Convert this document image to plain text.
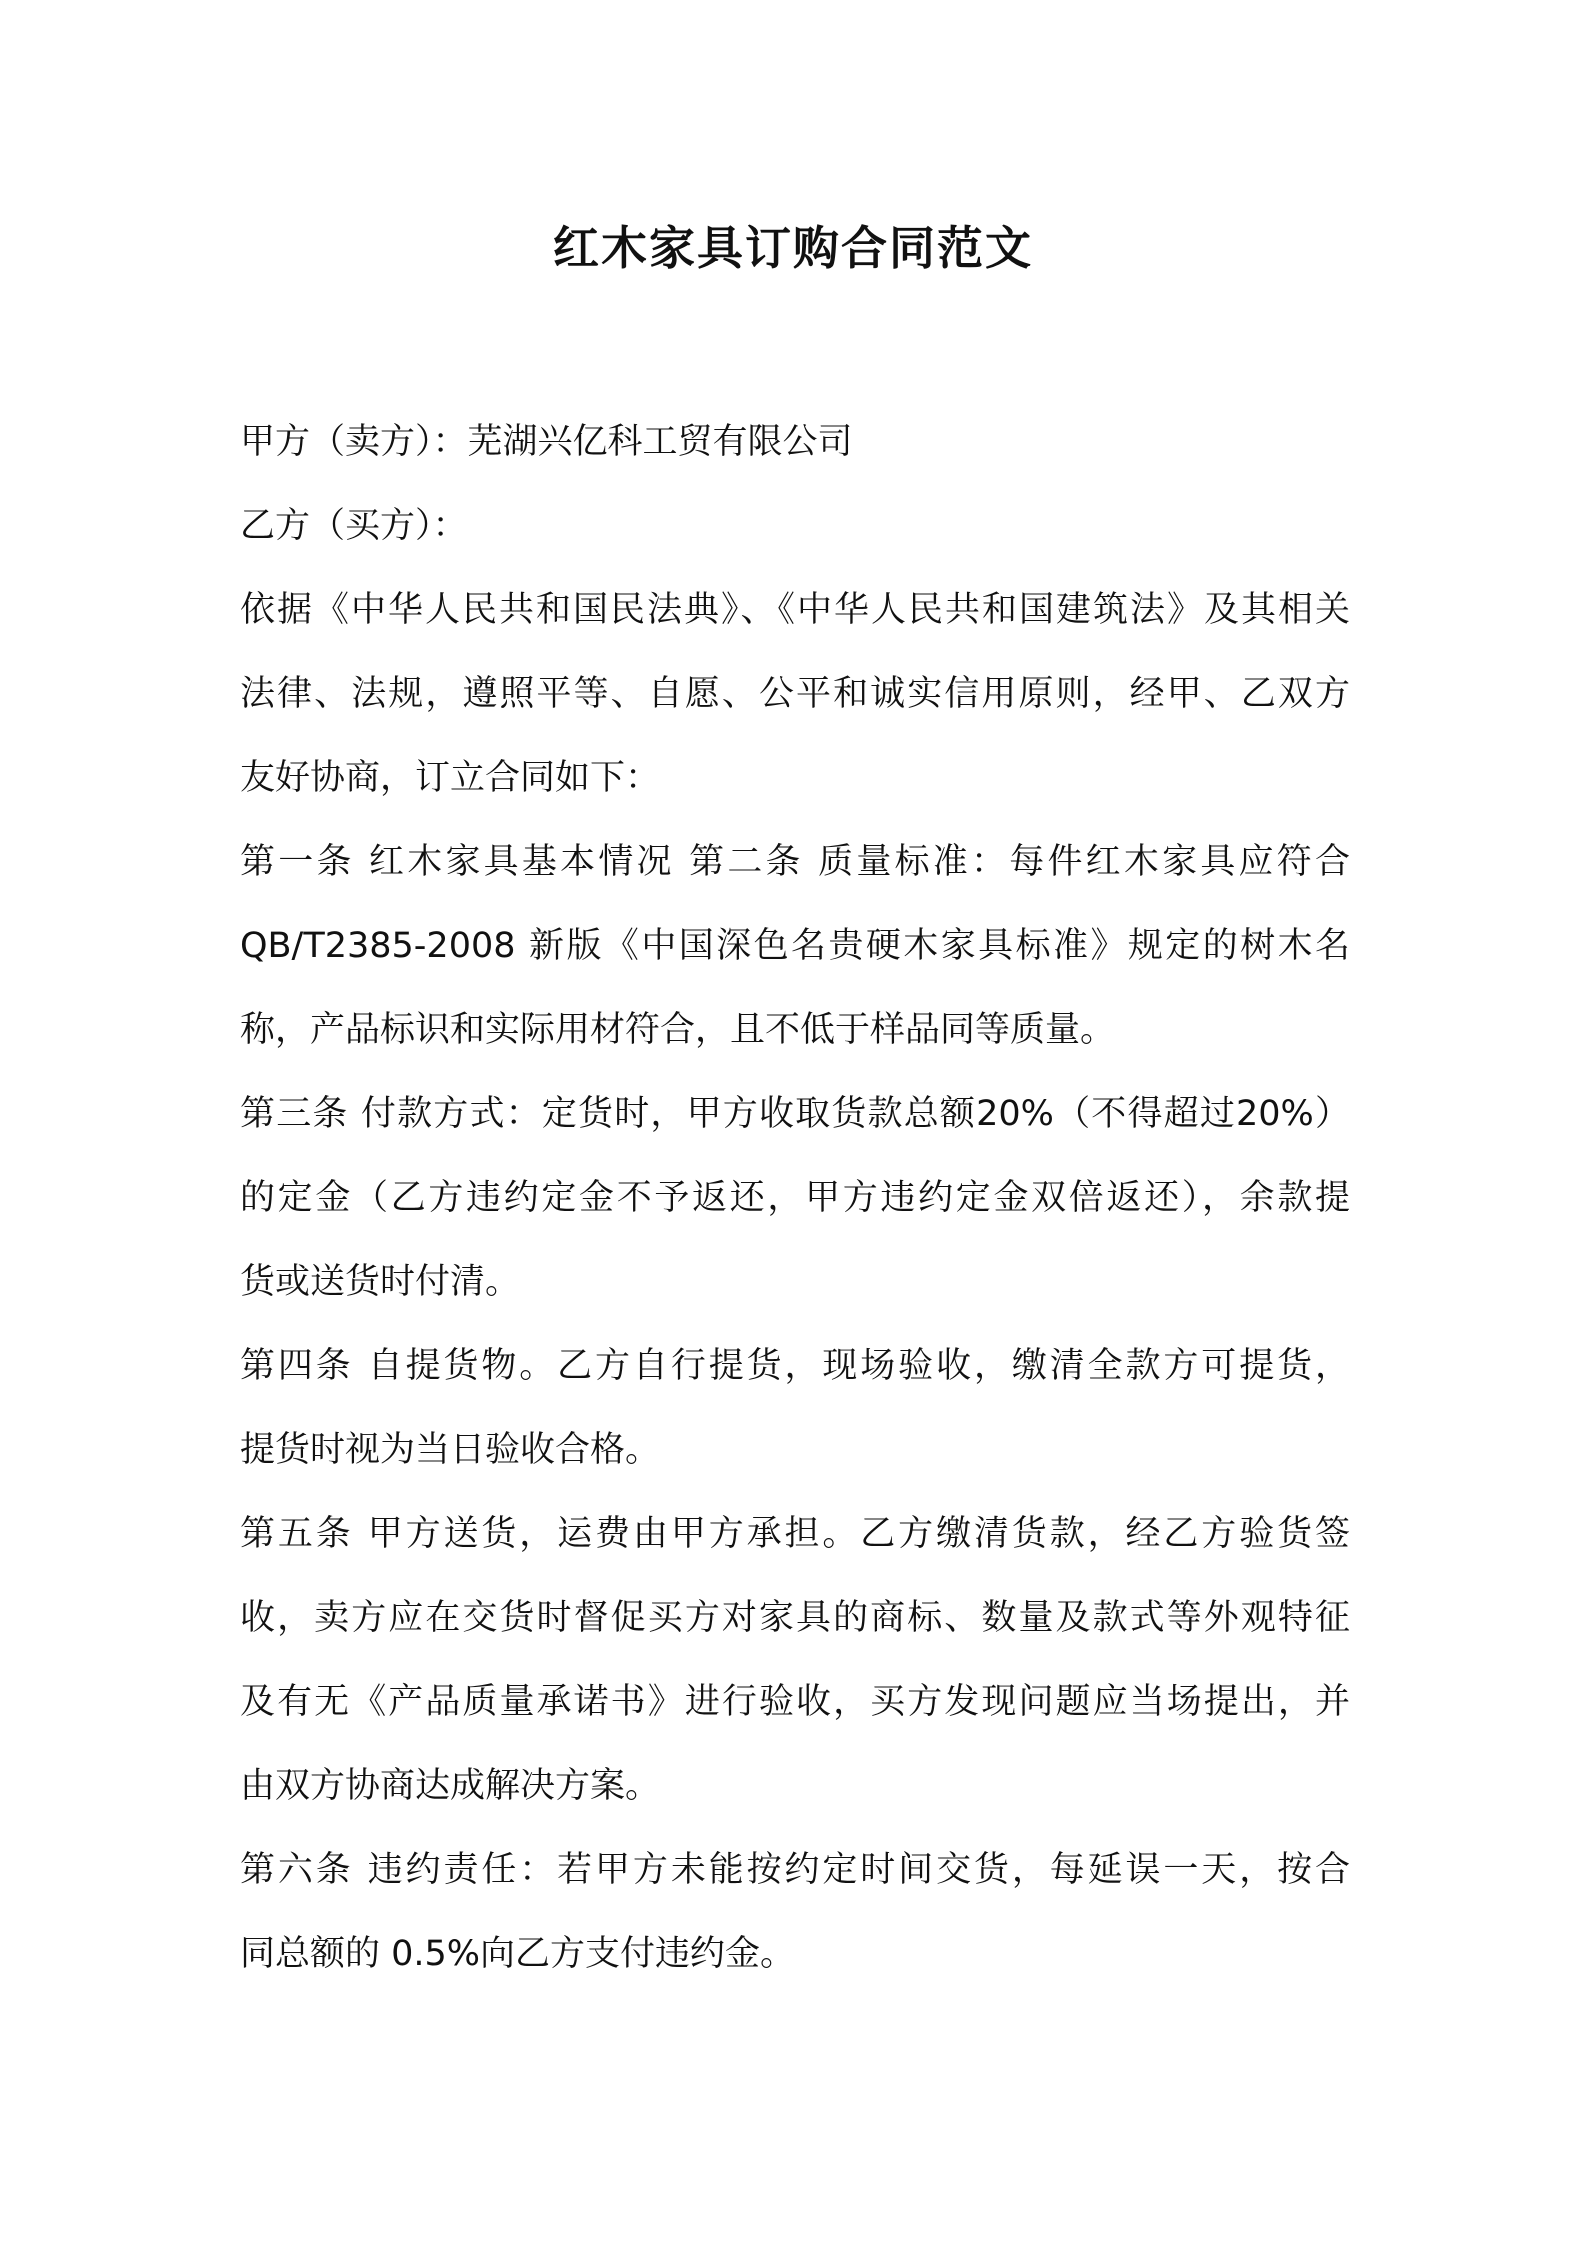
红木家具订购合同范文
甲方（卖方）：芜湖兴亿科工贸有限公司
乙方（买方）：
依据《中华人民共和国民法典》、《中华人民共和国建筑法》及其相关
法律、法规，遵照平等、自愿、公平和诚实信用原则，经甲、乙双方
友好协商，订立合同如下：
第一条 红木家具基本情况 第二条 质量标准：每件红木家具应符合
QB/T2385-2008 新版《中国深色名贵硬木家具标准》规定的树木名
称，产品标识和实际用材符合，且不低于样品同等质量。
第三条 付款方式：定货时，甲方收取货款总额20%（不得超过20%）
的定金（乙方违约定金不予返还，甲方违约定金双倍返还），余款提
货或送货时付清。
第四条 自提货物。乙方自行提货，现场验收，缴清全款方可提货，
提货时视为当日验收合格。
第五条 甲方送货，运费由甲方承担。乙方缴清货款，经乙方验货签
收，卖方应在交货时督促买方对家具的商标、数量及款式等外观特征
及有无《产品质量承诺书》进行验收，买方发现问题应当场提出，并
由双方协商达成解决方案。
第六条 违约责任：若甲方未能按约定时间交货，每延误一天，按合
同总额的 0.5%向乙方支付违约金。
